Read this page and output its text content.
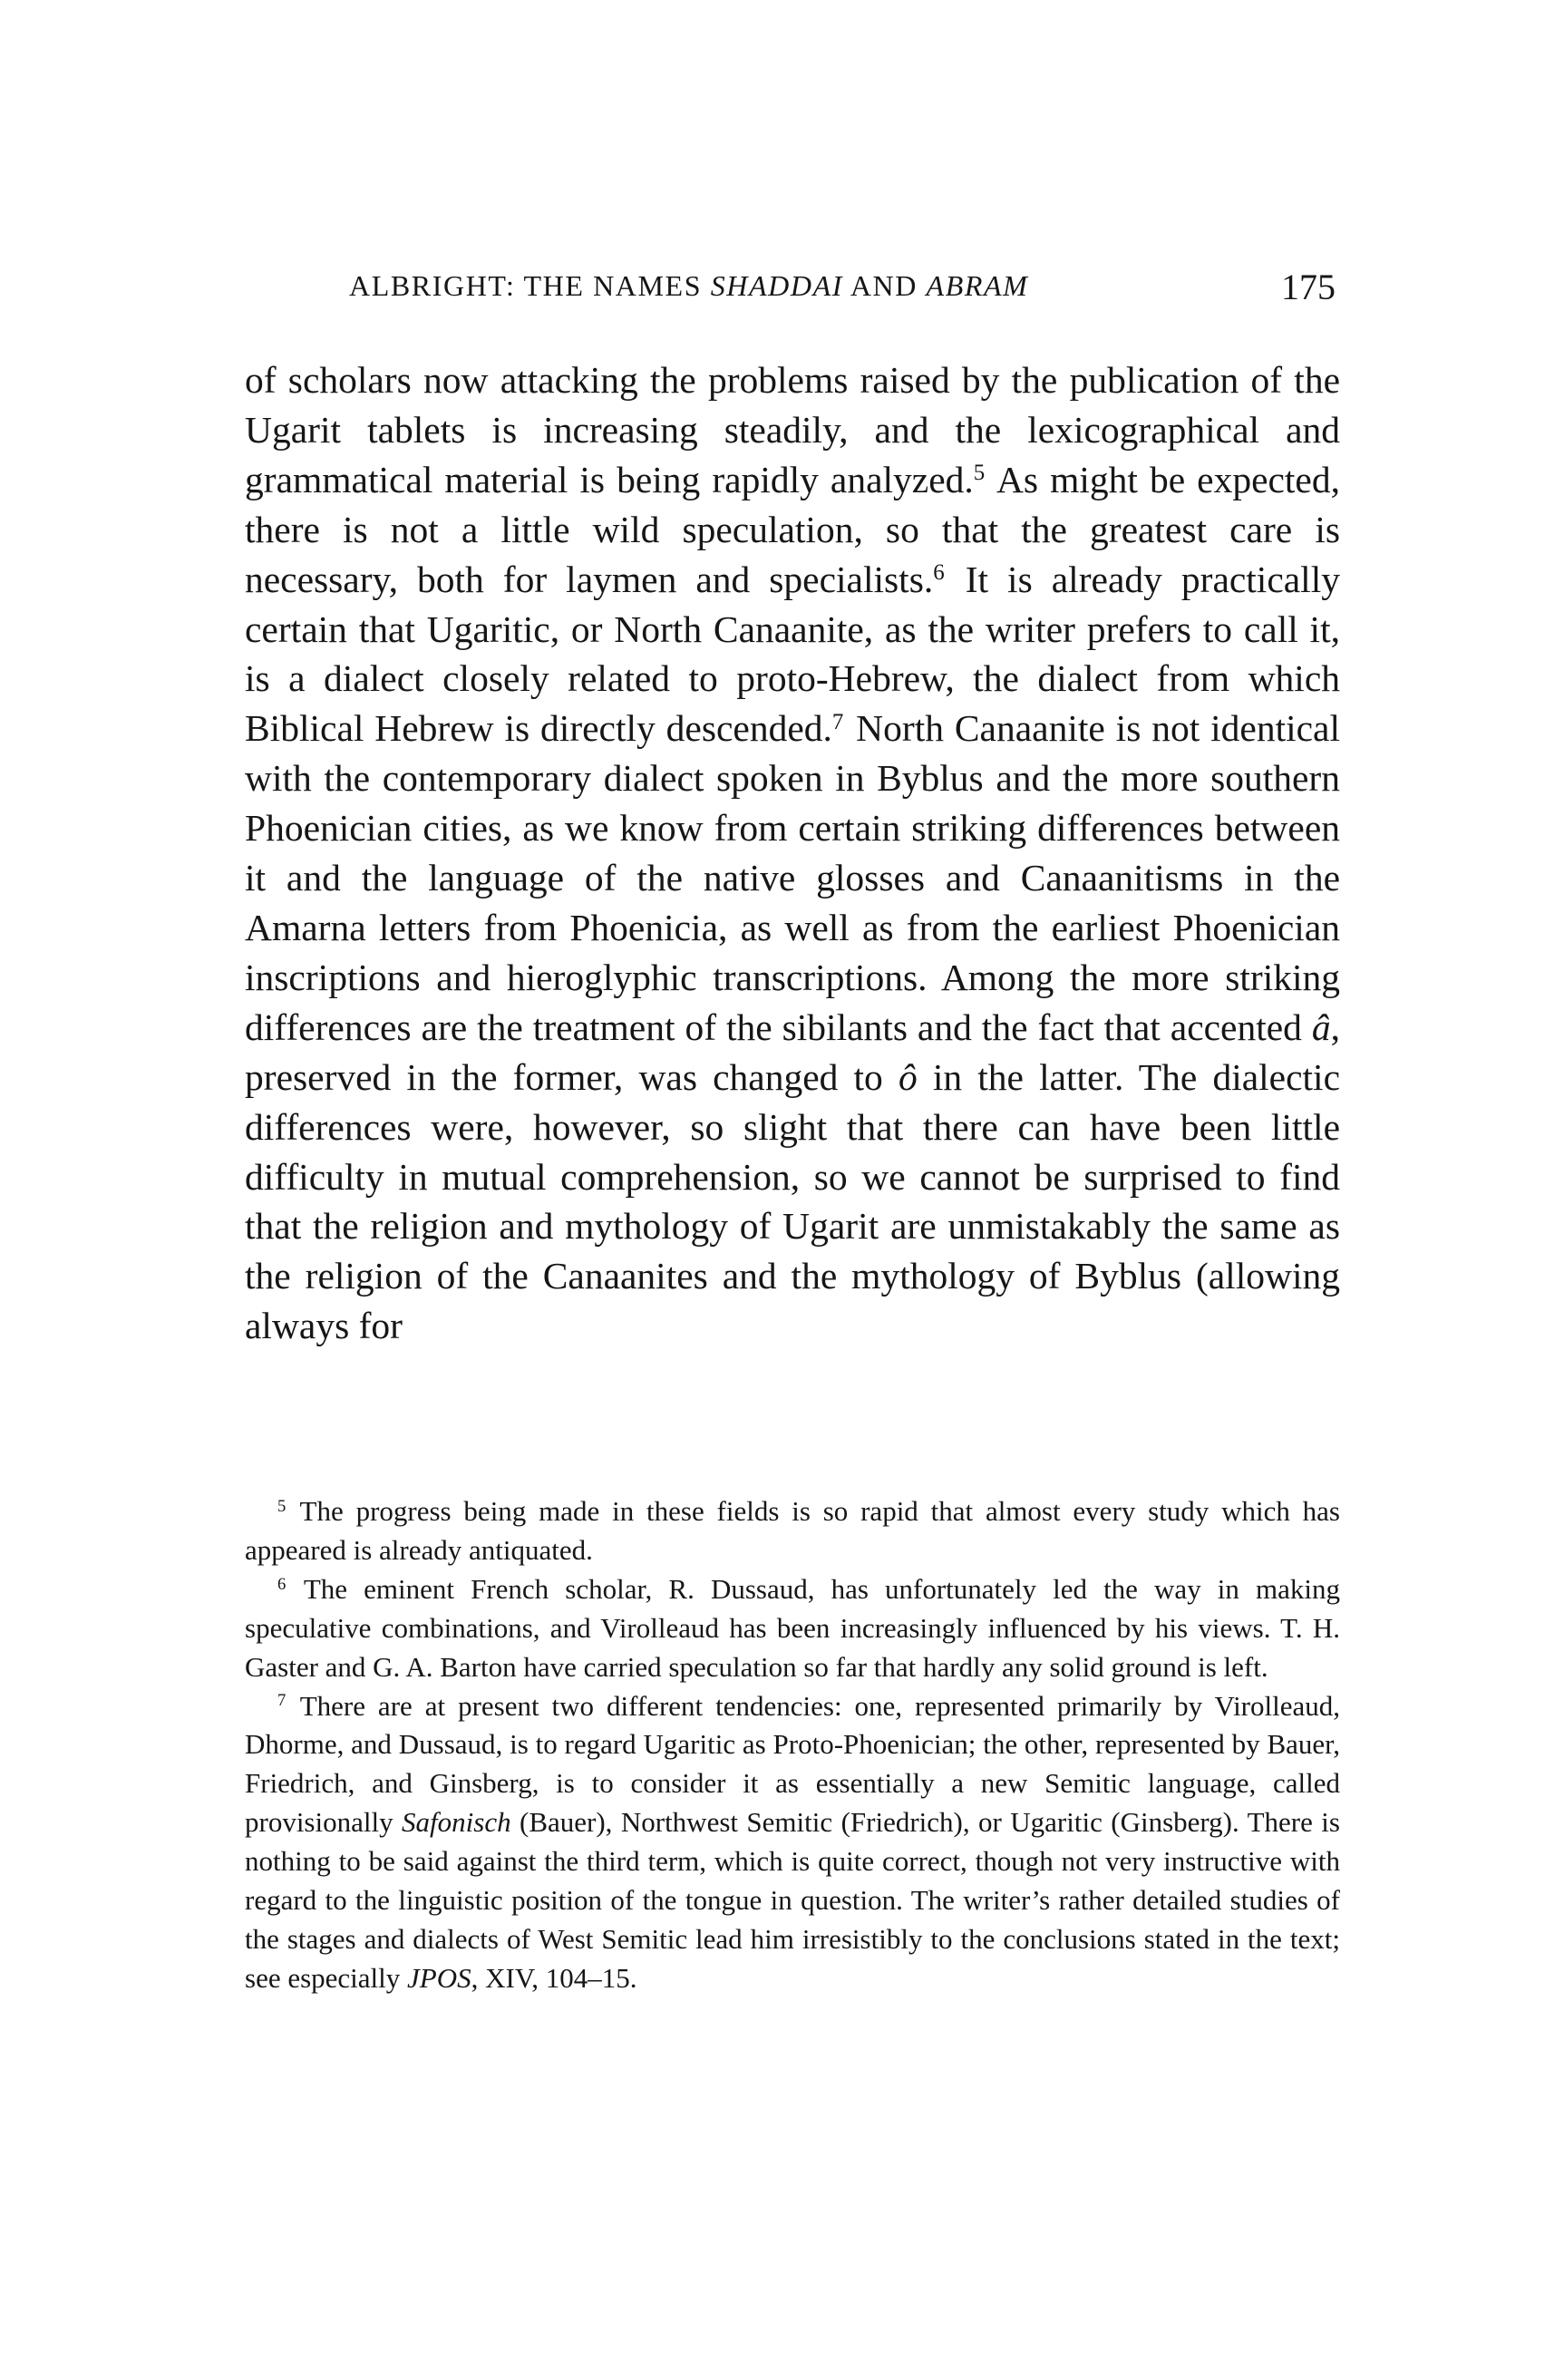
ALBRIGHT: THE NAMES SHADDAI AND ABRAM	175
of scholars now attacking the problems raised by the publication of the Ugarit tablets is increasing steadily, and the lexicographical and grammatical material is being rapidly analyzed.$^5$ As might be expected, there is not a little wild speculation, so that the greatest care is necessary, both for laymen and specialists.$^6$ It is already practically certain that Ugaritic, or North Canaanite, as the writer prefers to call it, is a dialect closely related to proto-Hebrew, the dialect from which Biblical Hebrew is directly descended.$^7$ North Canaanite is not identical with the contemporary dialect spoken in Byblus and the more southern Phoenician cities, as we know from certain striking differences between it and the language of the native glosses and Canaanitisms in the Amarna letters from Phoenicia, as well as from the earliest Phoenician inscriptions and hieroglyphic transcriptions. Among the more striking differences are the treatment of the sibilants and the fact that accented â, preserved in the former, was changed to ô in the latter. The dialectic differences were, however, so slight that there can have been little difficulty in mutual comprehension, so we cannot be surprised to find that the religion and mythology of Ugarit are unmistakably the same as the religion of the Canaanites and the mythology of Byblus (allowing always for

$^5$ The progress being made in these fields is so rapid that almost every study which has appeared is already antiquated.

$^6$ The eminent French scholar, R. Dussaud, has unfortunately led the way in making speculative combinations, and Virolleaud has been increasingly influenced by his views. T. H. Gaster and G. A. Barton have carried speculation so far that hardly any solid ground is left.

$^7$ There are at present two different tendencies: one, represented primarily by Virolleaud, Dhorme, and Dussaud, is to regard Ugaritic as Proto-Phoenician; the other, represented by Bauer, Friedrich, and Ginsberg, is to consider it as essentially a new Semitic language, called provisionally Safonisch (Bauer), Northwest Semitic (Friedrich), or Ugaritic (Ginsberg). There is nothing to be said against the third term, which is quite correct, though not very instructive with regard to the linguistic position of the tongue in question. The writer’s rather detailed studies of the stages and dialects of West Semitic lead him irresistibly to the conclusions stated in the text; see especially JPOS, XIV, 104–15.
